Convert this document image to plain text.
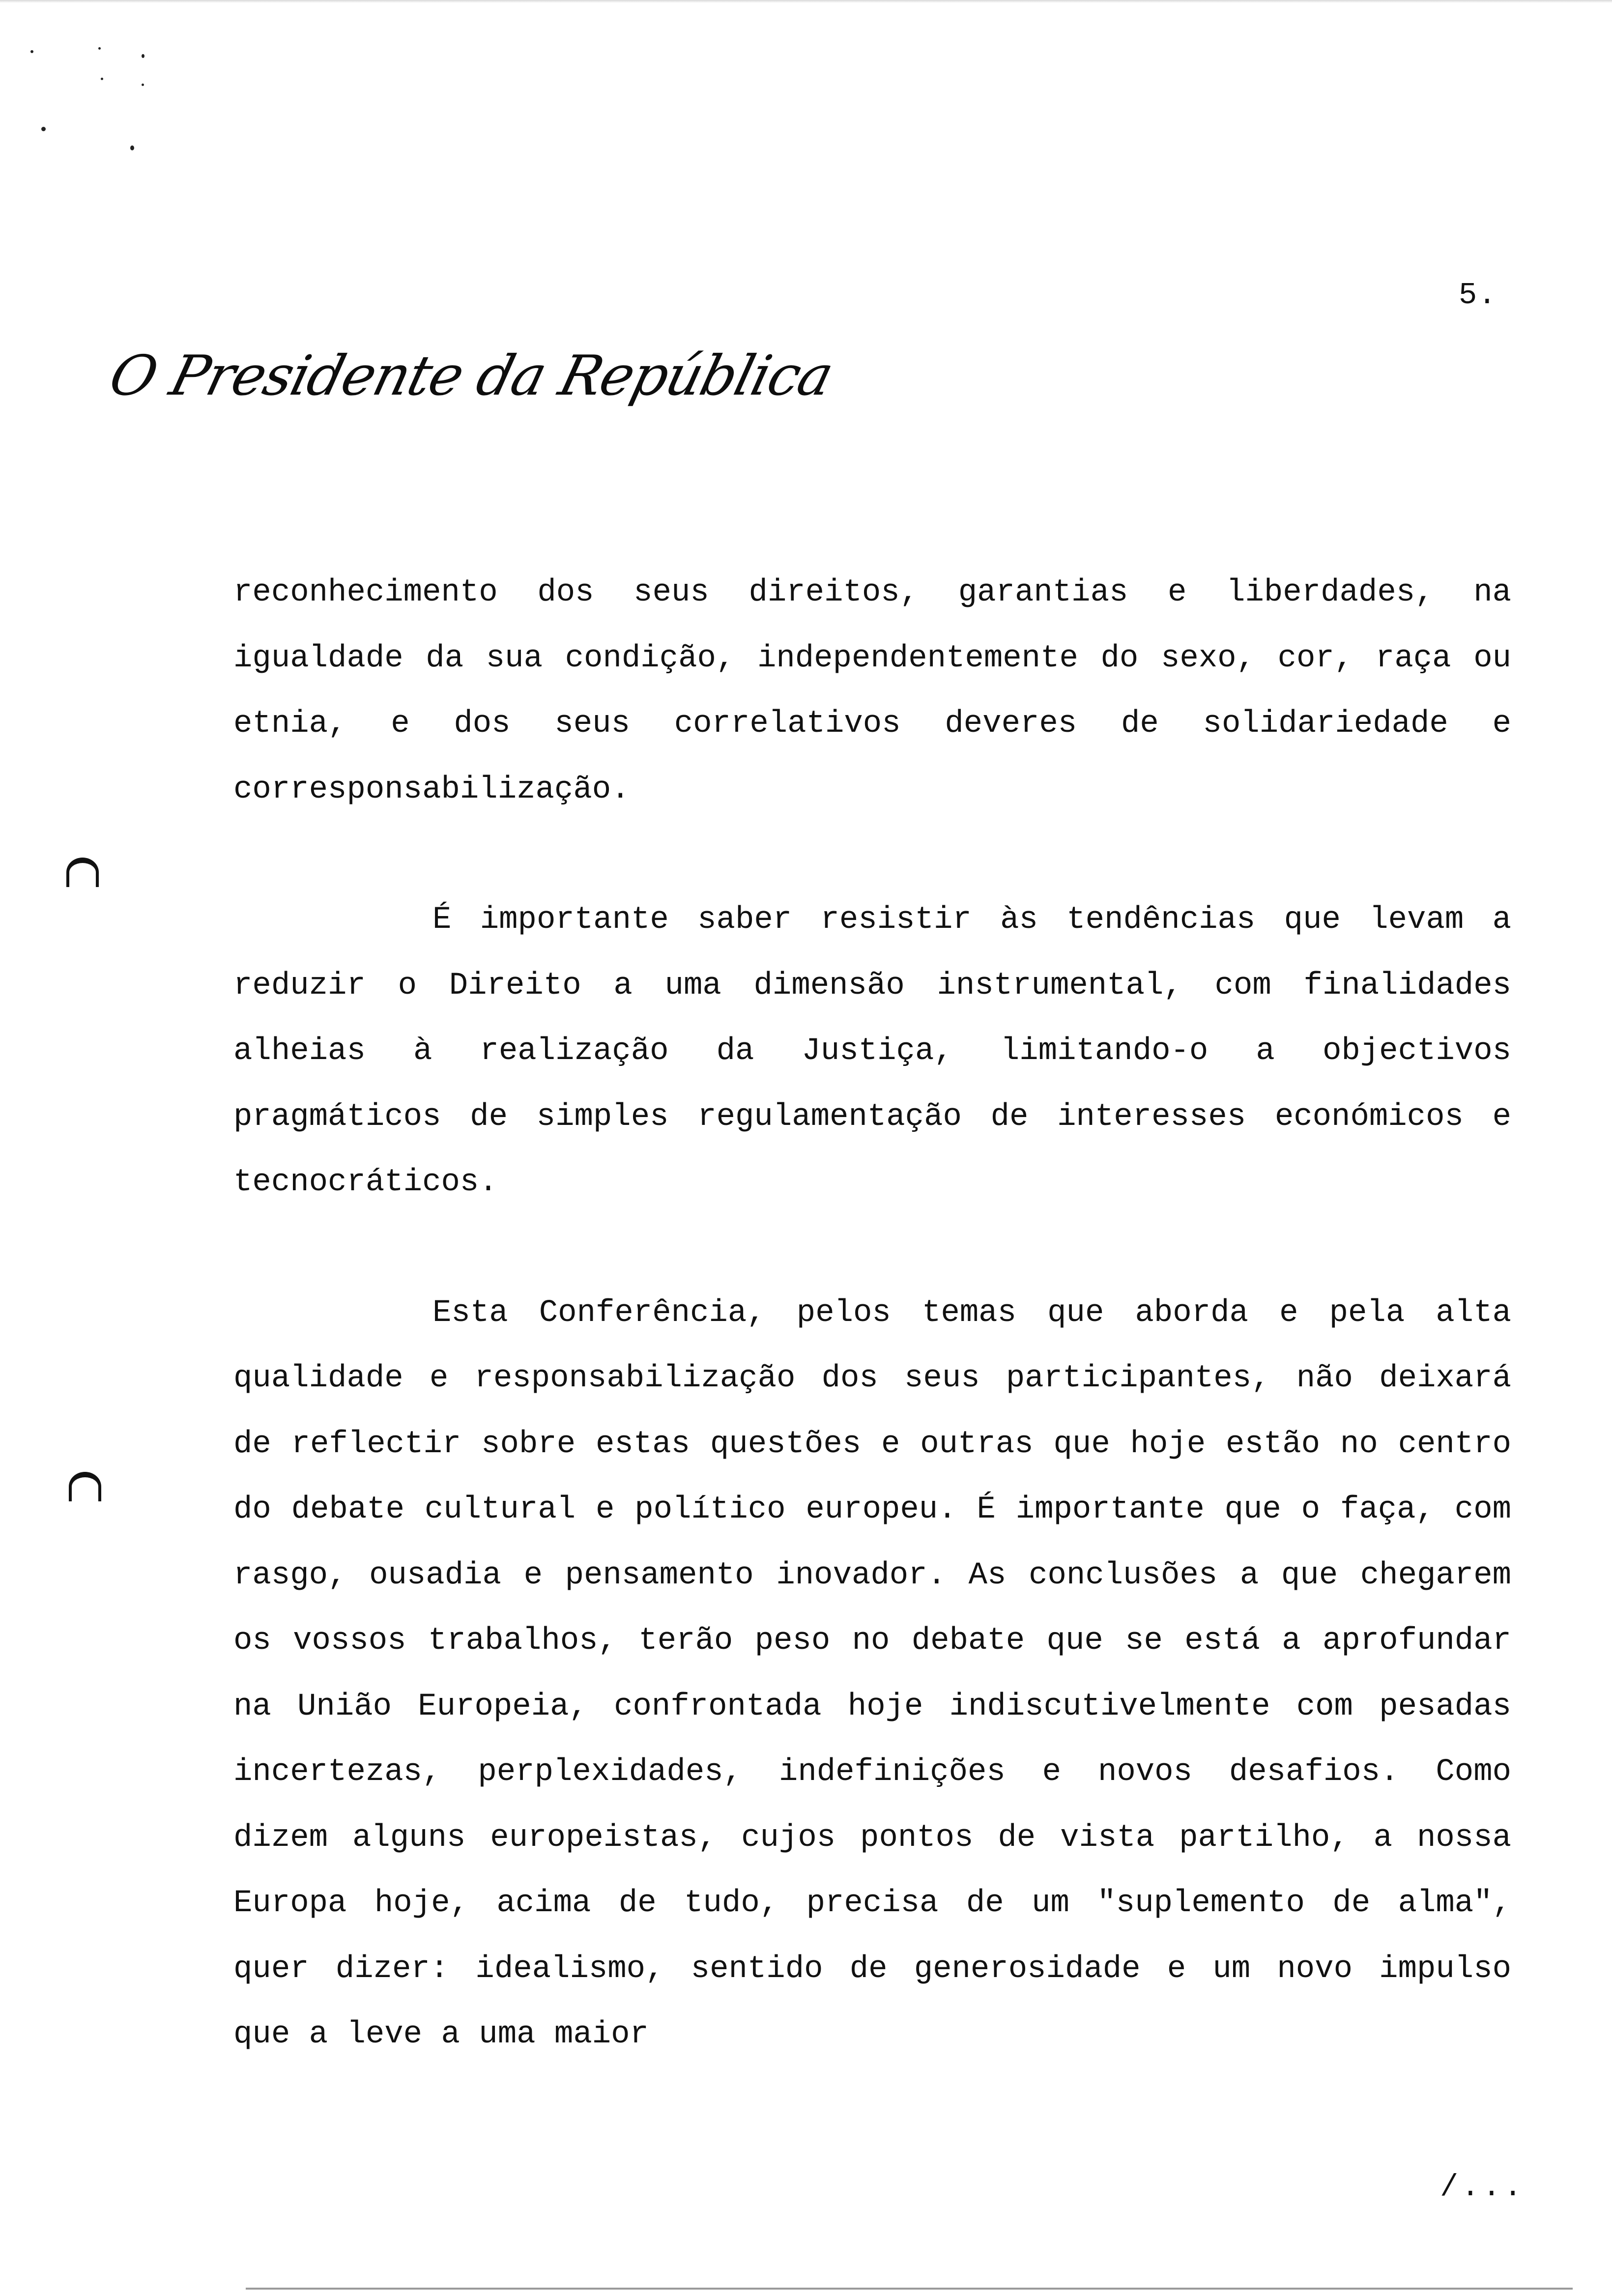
5.
O Presidente da República

reconhecimento dos seus direitos, garantias e liberdades, na igualdade da sua condição, independentemente do sexo, cor, raça ou etnia, e dos seus correlativos deveres de solidariedade e corresponsabilização.

É importante saber resistir às tendências que levam a reduzir o Direito a uma dimensão instrumental, com finalidades alheias à realização da Justiça, limitando-o a objectivos pragmáticos de simples regulamentação de interesses económicos e tecnocráticos.

Esta Conferência, pelos temas que aborda e pela alta qualidade e responsabilização dos seus participantes, não deixará de reflectir sobre estas questões e outras que hoje estão no centro do debate cultural e político europeu. É importante que o faça, com rasgo, ousadia e pensamento inovador. As conclusões a que chegarem os vossos trabalhos, terão peso no debate que se está a aprofundar na União Europeia, confrontada hoje indiscutivelmente com pesadas incertezas, perplexidades, indefinições e novos desafios. Como dizem alguns europeistas, cujos pontos de vista partilho, a nossa Europa hoje, acima de tudo, precisa de um "suplemento de alma", quer dizer: idealismo, sentido de generosidade e um novo impulso que a leve a uma maior

/...
